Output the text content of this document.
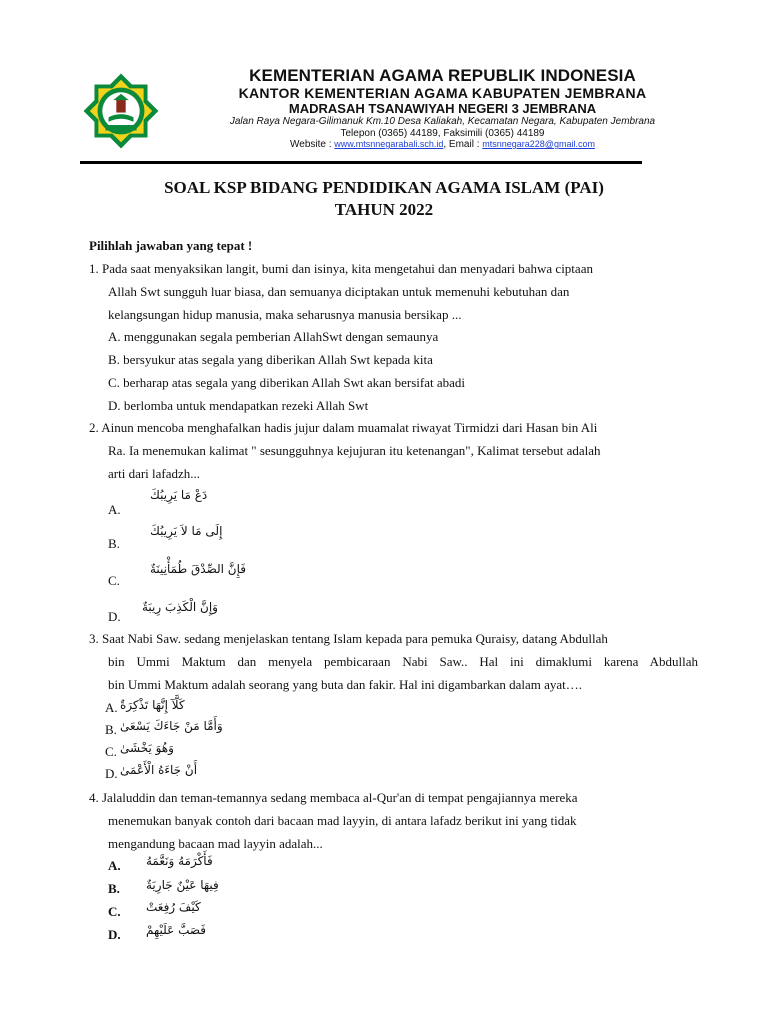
KEMENTERIAN AGAMA REPUBLIK INDONESIA
KANTOR KEMENTERIAN AGAMA KABUPATEN JEMBRANA
MADRASAH TSANAWIYAH NEGERI 3 JEMBRANA
Jalan Raya Negara-Gilimanuk Km.10 Desa Kaliakah, Kecamatan Negara, Kabupaten Jembrana
Telepon (0365) 44189, Faksimili (0365) 44189
Website : www.mtsnnegarabali.sch.id, Email : mtsnnegara228@gmail.com
SOAL KSP BIDANG PENDIDIKAN AGAMA ISLAM (PAI)
TAHUN 2022
Pilihlah jawaban yang tepat !
1. Pada saat menyaksikan langit, bumi dan isinya, kita mengetahui dan menyadari bahwa ciptaan
Allah Swt sungguh luar biasa, dan semuanya diciptakan untuk memenuhi kebutuhan dan
kelangsungan hidup manusia, maka seharusnya manusia bersikap ...
A. menggunakan segala pemberian AllahSwt dengan semaunya
B. bersyukur atas segala yang diberikan Allah Swt kepada kita
C. berharap atas segala yang diberikan Allah Swt akan bersifat abadi
D. berlomba untuk mendapatkan rezeki Allah Swt
2. Ainun mencoba menghafalkan hadis jujur dalam muamalat riwayat Tirmidzi dari Hasan bin Ali
Ra. Ia menemukan kalimat " sesungguhnya kejujuran itu ketenangan", Kalimat tersebut adalah
arti dari lafadzh...
A.
دَعْ مَا يَرِيبُكَ
B.
إِلَى مَا لاَ يَرِيبُكَ
C.
فَإِنَّ الصِّدْقَ طُمَأْنِينَةٌ
D.
وَإِنَّ الْكَذِبَ رِيبَةٌ
3. Saat Nabi Saw. sedang menjelaskan tentang Islam kepada para pemuka Quraisy, datang Abdullah
bin Ummi Maktum dan menyela pembicaraan Nabi Saw.. Hal ini dimaklumi karena Abdullah
bin Ummi Maktum adalah seorang yang buta dan fakir. Hal ini digambarkan dalam ayat….
A. كَلَّآ إِنَّهَا تَذْكِرَةٌ
B. وَأَمَّا مَنْ جَاءَكَ يَسْعَىٰ
C. وَهُوَ يَخْشَىٰ
D. أَنْ جَاءَهُ الْأَعْمَىٰ
4. Jalaluddin dan teman-temannya sedang membaca al-Qur'an di tempat pengajiannya mereka
menemukan banyak contoh dari bacaan mad layyin, di antara lafadz berikut ini yang tidak
mengandung bacaan mad layyin adalah...
A. فَأَكْرَمَهُ وَنَعَّمَهُ
B. فِيهَا عَيْنٌ جَارِيَةٌ
C. كَيْفَ رُفِعَتْ
D. فَصَبَّ عَلَيْهِمْ
